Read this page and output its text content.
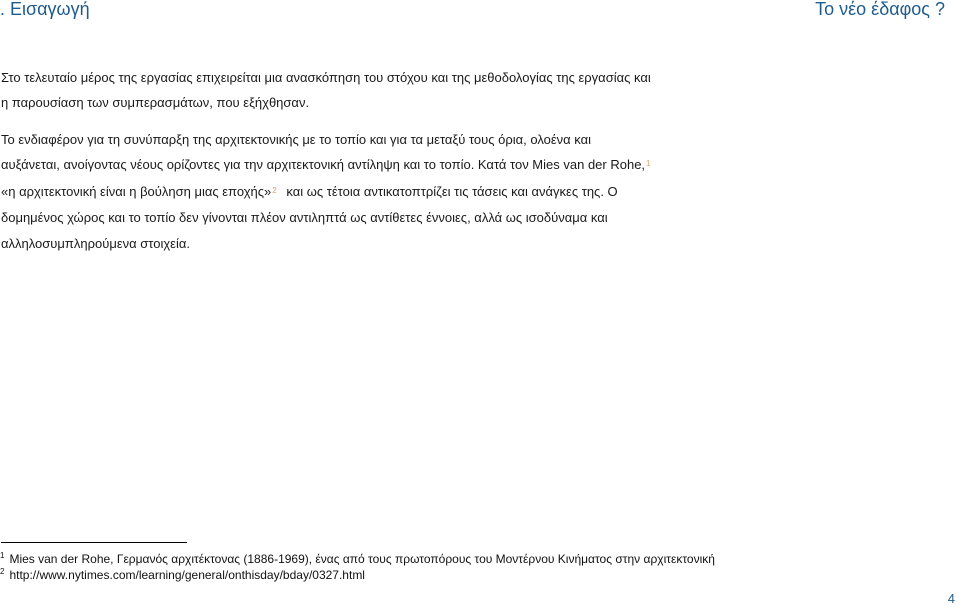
. Εισαγωγή	Το νέο έδαφος ?
Στο τελευταίο μέρος της εργασίας επιχειρείται μια ανασκόπηση του στόχου και της μεθοδολογίας της εργασίας και
η παρουσίαση των συμπερασμάτων, που εξήχθησαν.
Το ενδιαφέρον για τη συνύπαρξη της αρχιτεκτονικής με το τοπίο και για τα μεταξύ τους όρια, ολοένα και
αυξάνεται, ανοίγοντας νέους ορίζοντες για την αρχιτεκτονική αντίληψη και το τοπίο. Κατά τον Mies van der Rohe,$^1$
«η αρχιτεκτονική είναι η βούληση μιας εποχής»$^2$ και ως τέτοια αντικατοπτρίζει τις τάσεις και ανάγκες της. Ο
δομημένος χώρος και το τοπίο δεν γίνονται πλέον αντιληπτά ως αντίθετες έννοιες, αλλά ως ισοδύναμα και
αλληλοσυμπληρούμενα στοιχεία.
$^1$ Mies van der Rohe, Γερμανός αρχιτέκτονας (1886-1969), ένας από τους πρωτοπόρους του Μοντέρνου Κινήματος στην αρχιτεκτονική
$^2$ http://www.nytimes.com/learning/general/onthisday/bday/0327.html
4
